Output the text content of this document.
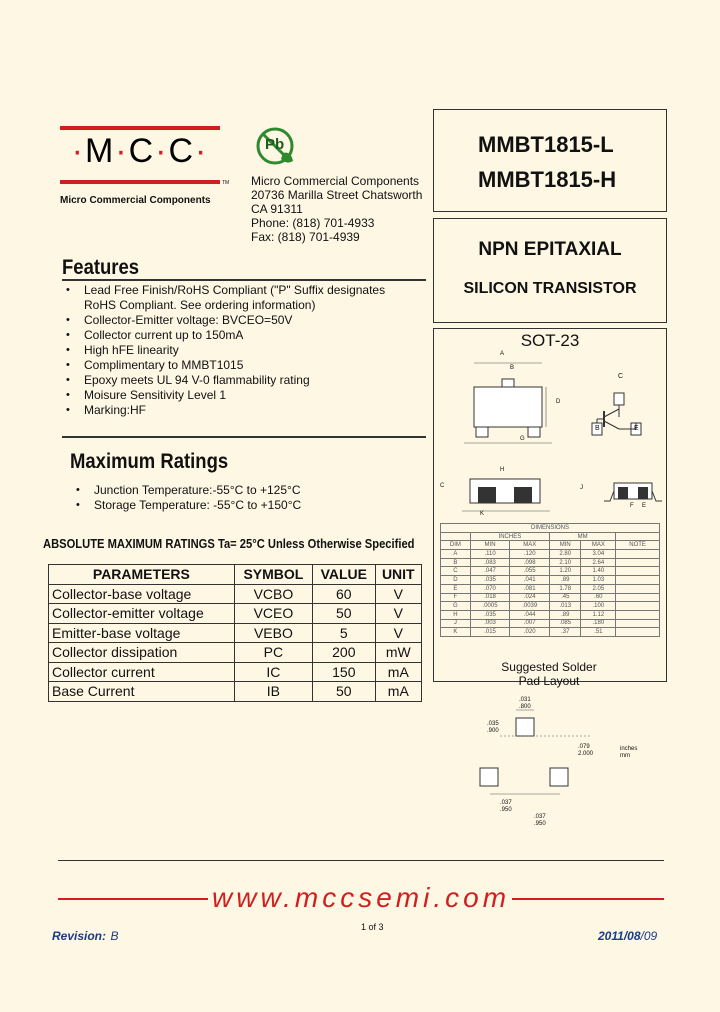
·M·C·C·
TM
Micro Commercial Components
Pb
Micro Commercial Components
20736 Marilla Street Chatsworth
CA 91311
Phone: (818) 701-4933
Fax: (818) 701-4939
MMBT1815-L
MMBT1815-H
NPN EPITAXIAL
SILICON TRANSISTOR
SOT-23
A
B
D
G
C
B	E
C
H
K
J
E
F
DIMENSIONS					
	INCHES		MM		
DIM	MIN	MAX	MIN	MAX	NOTE
A	.110	.120	2.80	3.04	
B	.083	.098	2.10	2.64	
C	.047	.055	1.20	1.40	
D	.035	.041	.89	1.03	
E	.070	.081	1.78	2.05	
F	.018	.024	.45	.60	
G	.0005	.0039	.013	.100	
H	.035	.044	.89	1.12	
J	.003	.007	.085	.180	
K	.015	.020	.37	.51	
Suggested Solder
Pad Layout
.031
.800
.035
.900
.079
2.000
inches
mm
.037
.950
.037
.950
Features
• Lead Free Finish/RoHS Compliant ("P" Suffix designates
RoHS Compliant. See ordering information)
• Collector-Emitter voltage: BVCEO=50V
• Collector current up to 150mA
• High hFE linearity
• Complimentary to MMBT1015
• Epoxy meets UL 94 V-0 flammability rating
• Moisure Sensitivity Level 1
• Marking:HF
Maximum Ratings
• Junction Temperature:-55°C to +125°C
• Storage Temperature: -55°C to +150°C
ABSOLUTE MAXIMUM RATINGS Ta= 25°C Unless Otherwise Specified
PARAMETERS	SYMBOL	VALUE	UNIT
Collector-base voltage	VCBO	60	V
Collector-emitter voltage	VCEO	50	V
Emitter-base voltage	VEBO	5	V
Collector dissipation	PC	200	mW
Collector current	IC	150	mA
Base Current	IB	50	mA
www.mccsemi.com
Revision: B
1 of 3
2011/08/09
